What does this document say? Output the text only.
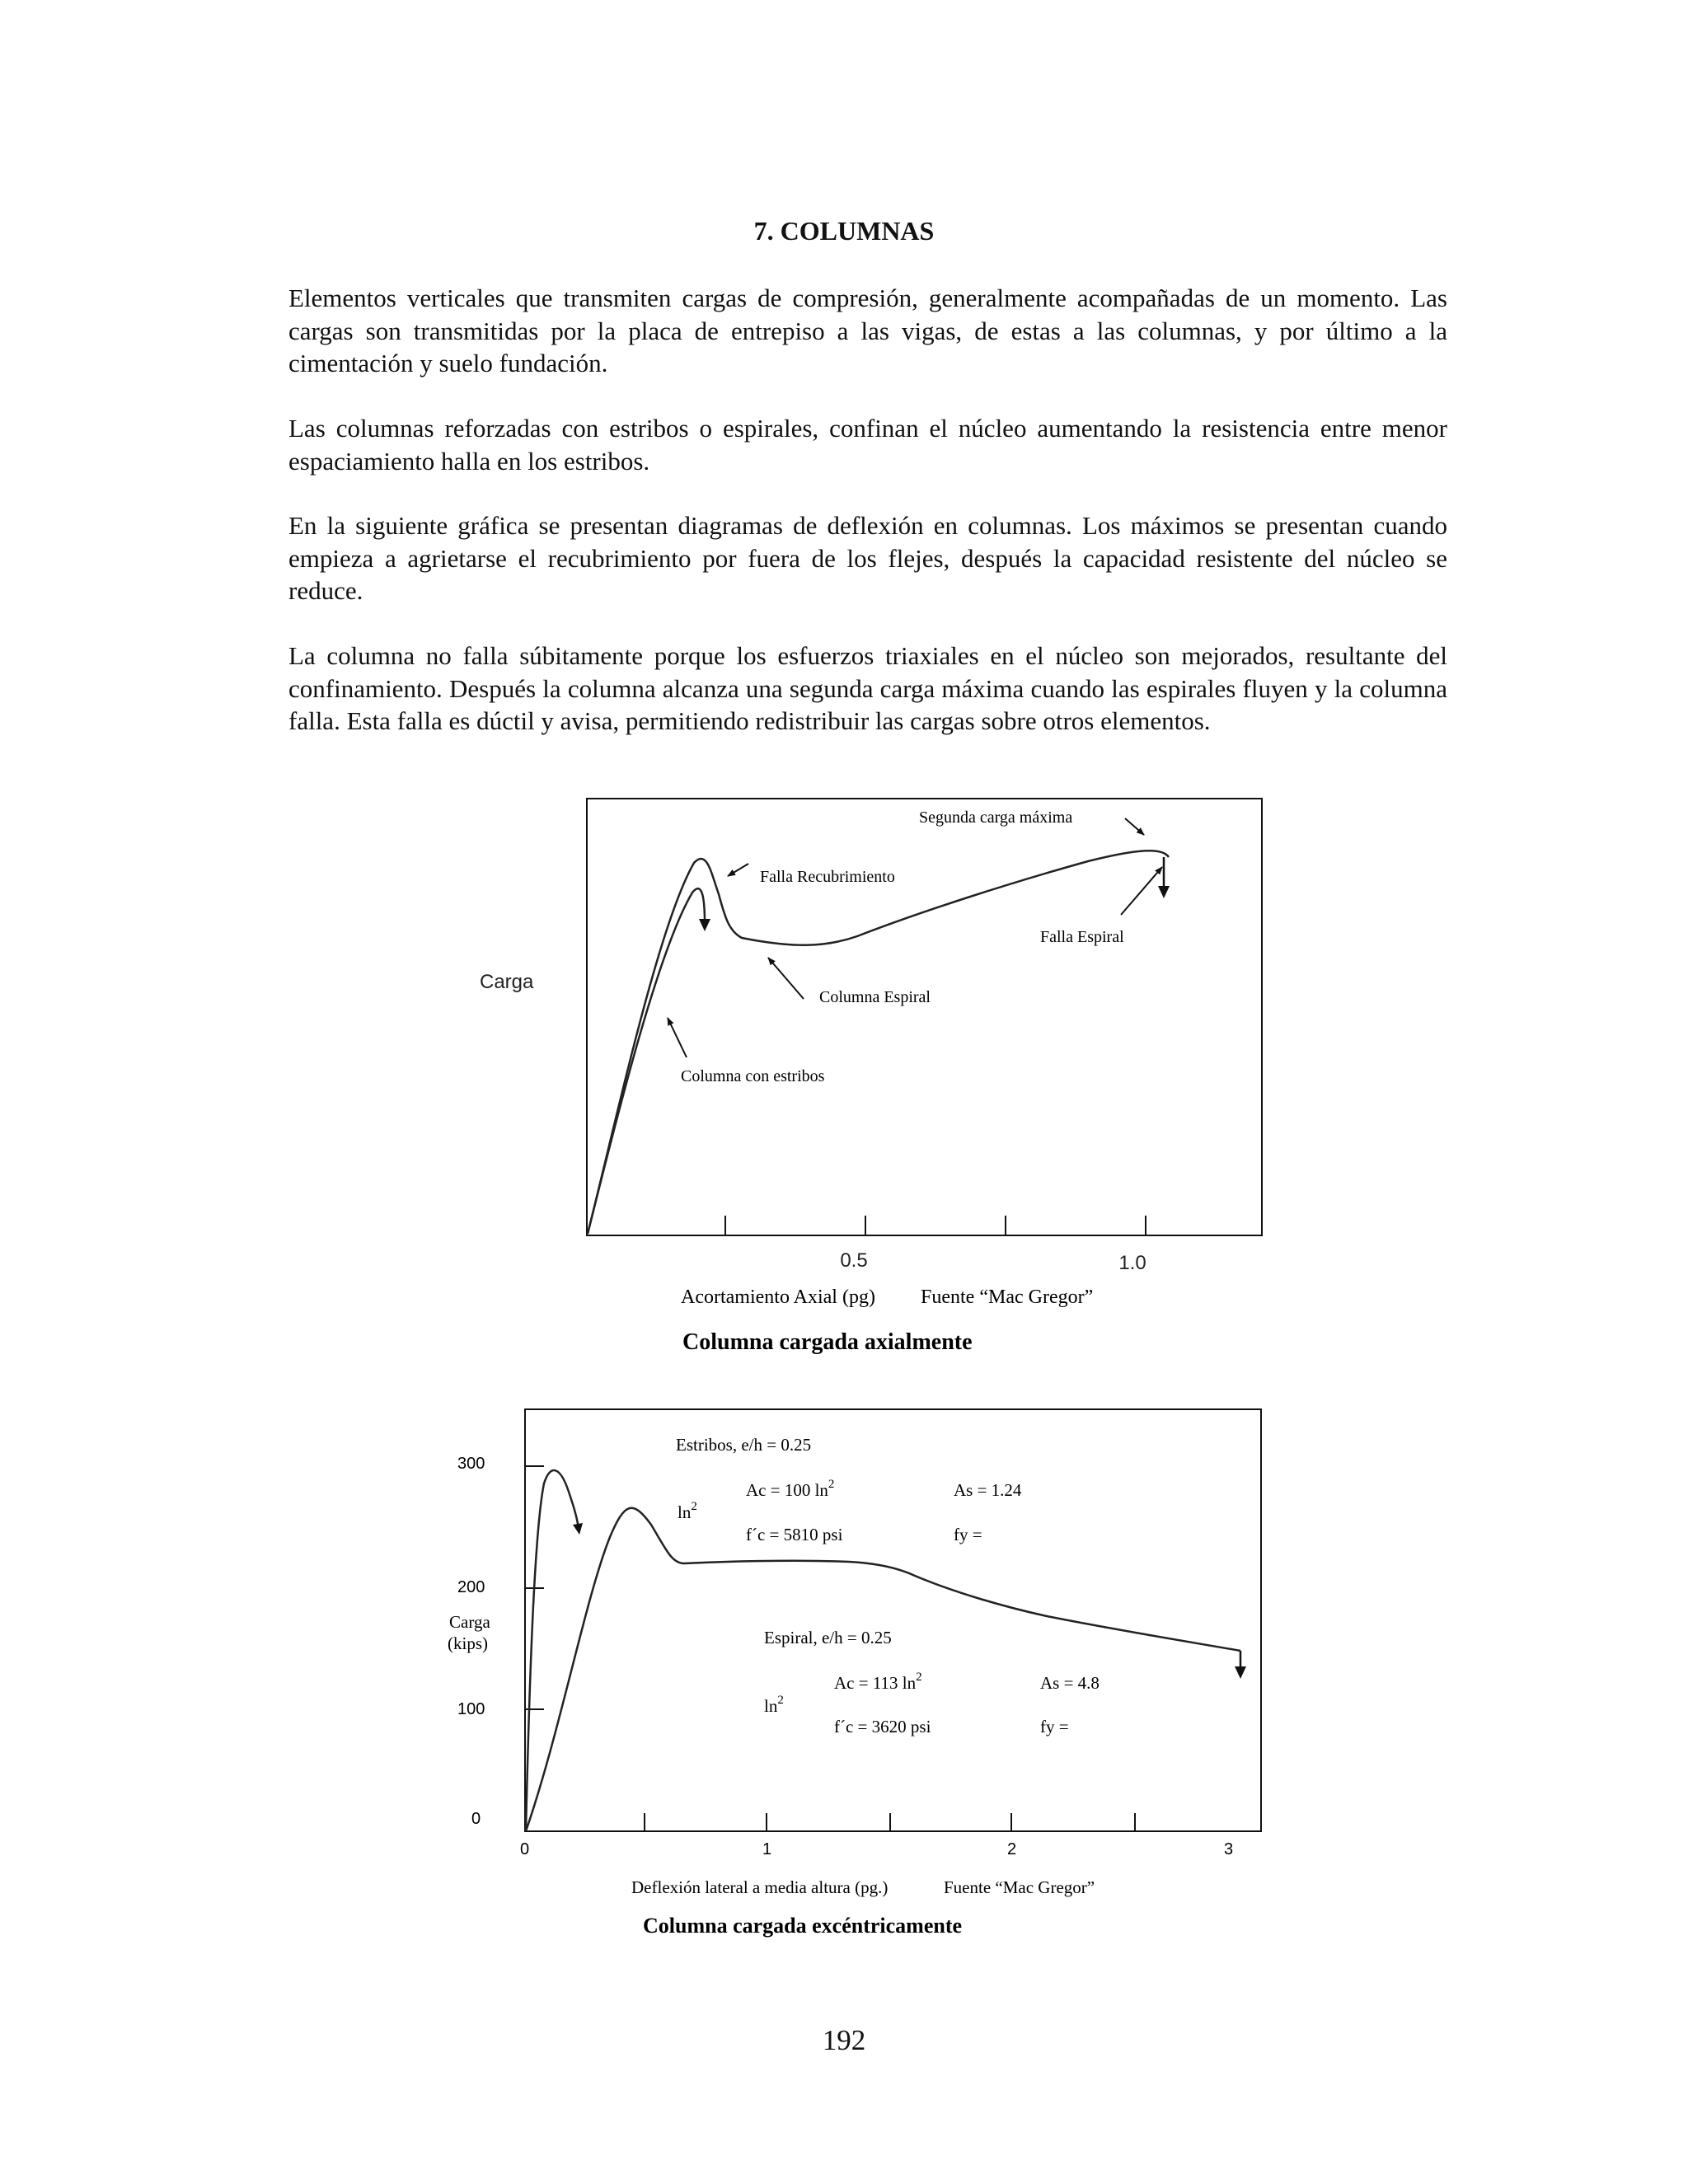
7. COLUMNAS

Elementos verticales que transmiten cargas de compresión, generalmente acompañadas de un momento. Las cargas son transmitidas por la placa de entrepiso a las vigas, de estas a las columnas, y por último a la cimentación y suelo fundación.

Las columnas reforzadas con estribos o espirales, confinan el núcleo aumentando la resistencia entre menor espaciamiento halla en los estribos.

En la siguiente gráfica se presentan diagramas de deflexión en columnas. Los máximos se presentan cuando empieza a agrietarse el recubrimiento por fuera de los flejes, después la capacidad resistente del núcleo se reduce.

La columna no falla súbitamente porque los esfuerzos triaxiales en el núcleo son mejorados, resultante del confinamiento. Después la columna alcanza una segunda carga máxima cuando las espirales fluyen y la columna falla. Esta falla es dúctil y avisa, permitiendo redistribuir las cargas sobre otros elementos.

Segunda carga máxima
Falla Recubrimiento
Falla Espiral
Columna Espiral
Columna con estribos
Carga
0.5	1.0
Acortamiento Axial (pg) Fuente “Mac Gregor”
Columna cargada axialmente
300
200
100
0
Carga
(kips)
0	1	2	3
Estribos, e/h = 0.25
Ac = 100 $\ln^2$
$\ln^2$
f´c = 5810 psi
As = 1.24
fy =
Espiral, e/h = 0.25
Ac = 113 $\ln^2$
$\ln^2$
f´c = 3620 psi
As = 4.8
fy =
Deflexión lateral a media altura (pg.)	Fuente “Mac Gregor”
Columna cargada excéntricamente

192
